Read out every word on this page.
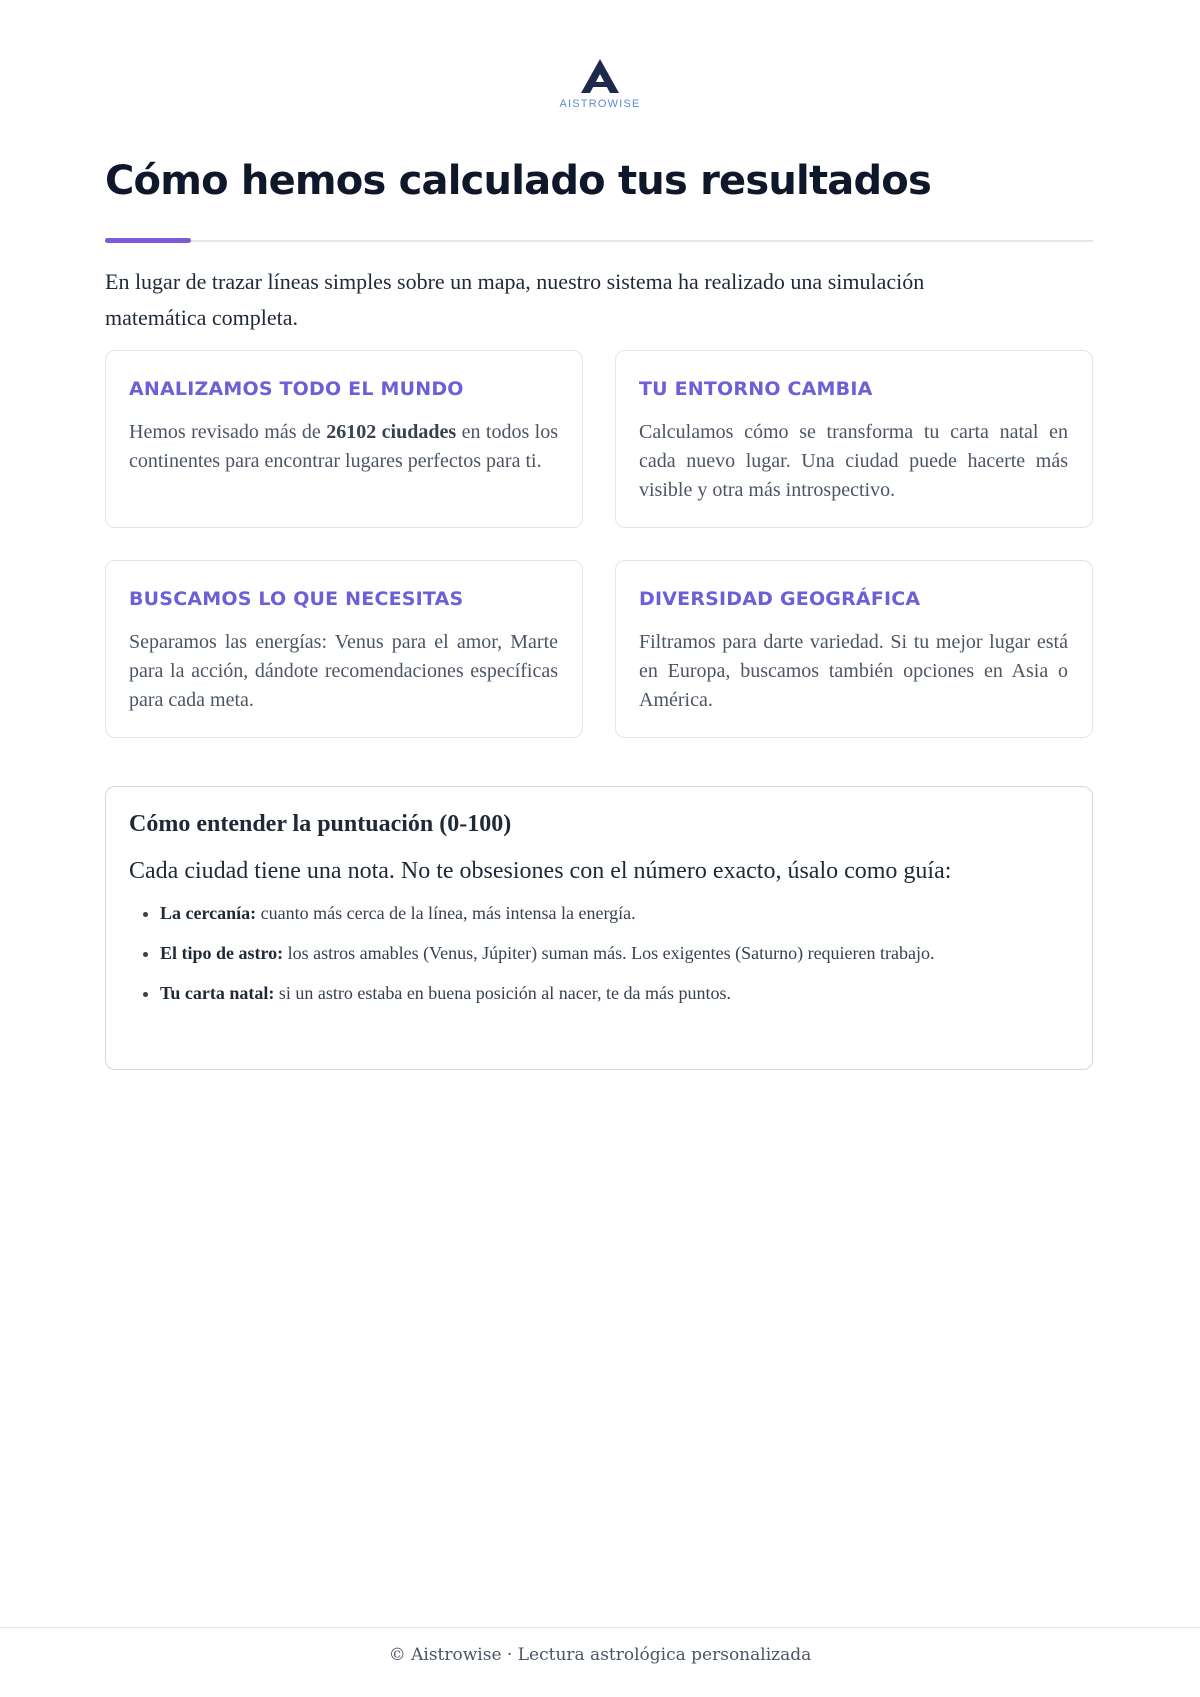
AISTROWISE
Cómo hemos calculado tus resultados

En lugar de trazar líneas simples sobre un mapa, nuestro sistema ha realizado una simulación matemática completa.

ANALIZAMOS TODO EL MUNDO

Hemos revisado más de 26102 ciudades en todos los continentes para encontrar lugares perfectos para ti.

TU ENTORNO CAMBIA

Calculamos cómo se transforma tu carta natal en cada nuevo lugar. Una ciudad puede hacerte más visible y otra más introspectivo.

BUSCAMOS LO QUE NECESITAS

Separamos las energías: Venus para el amor, Marte para la acción, dándote recomendaciones específicas para cada meta.

DIVERSIDAD GEOGRÁFICA

Filtramos para darte variedad. Si tu mejor lugar está en Europa, buscamos también opciones en Asia o América.

Cómo entender la puntuación (0-100)

Cada ciudad tiene una nota. No te obsesiones con el número exacto, úsalo como guía:

• La cercanía: cuanto más cerca de la línea, más intensa la energía.
• El tipo de astro: los astros amables (Venus, Júpiter) suman más. Los exigentes (Saturno) requieren trabajo.
• Tu carta natal: si un astro estaba en buena posición al nacer, te da más puntos.
© Aistrowise · Lectura astrológica personalizada
